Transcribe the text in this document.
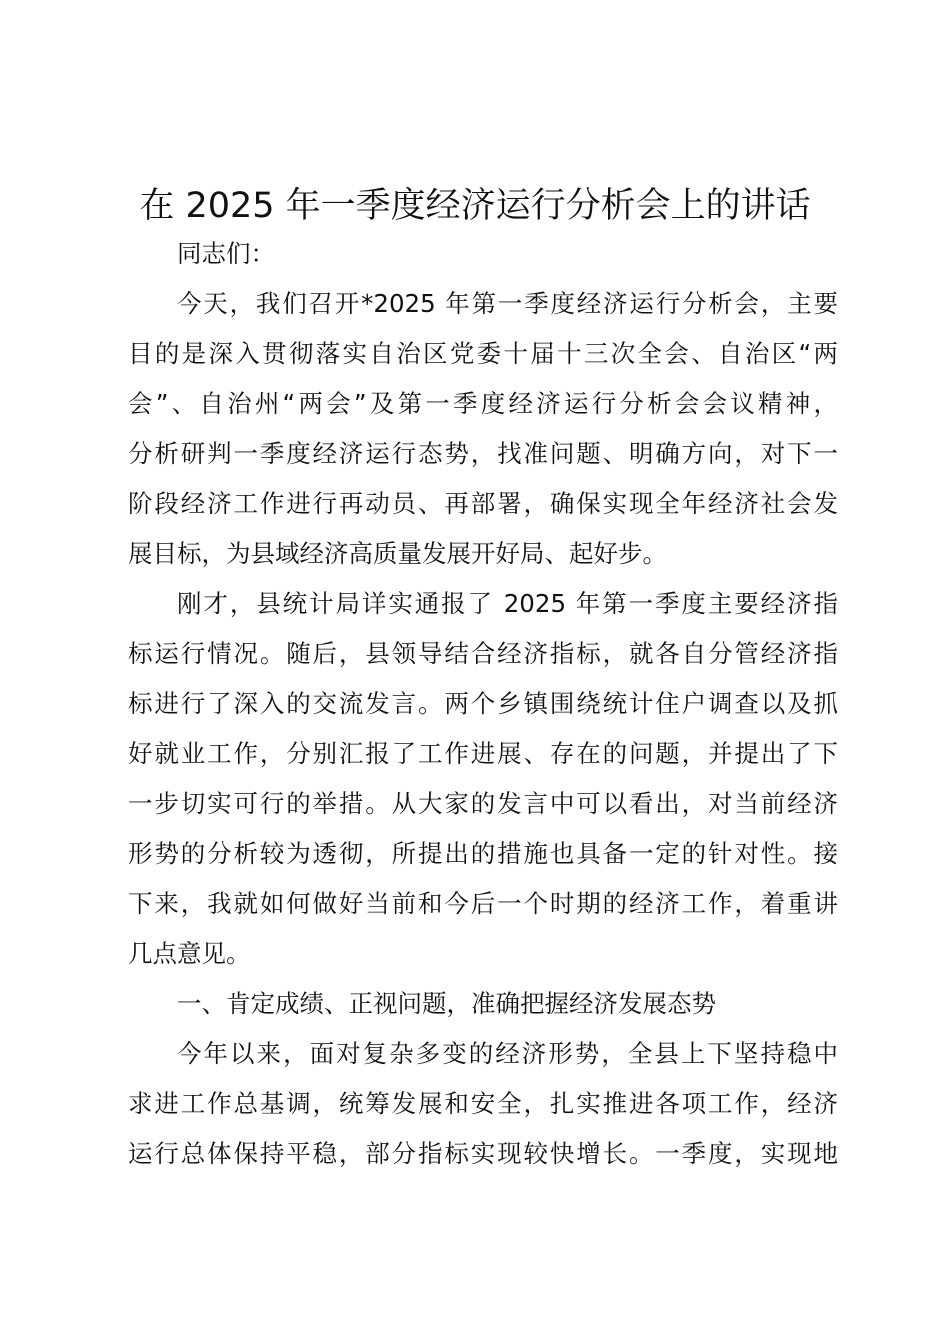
在 2025 年一季度经济运行分析会上的讲话
同志们：
今天，我们召开*2025 年第一季度经济运行分析会，主要
目的是深入贯彻落实自治区党委十届十三次全会、自治区“两
会”、自治州“两会”及第一季度经济运行分析会会议精神，
分析研判一季度经济运行态势，找准问题、明确方向，对下一
阶段经济工作进行再动员、再部署，确保实现全年经济社会发
展目标，为县域经济高质量发展开好局、起好步。
刚才，县统计局详实通报了 2025 年第一季度主要经济指
标运行情况。随后，县领导结合经济指标，就各自分管经济指
标进行了深入的交流发言。两个乡镇围绕统计住户调查以及抓
好就业工作，分别汇报了工作进展、存在的问题，并提出了下
一步切实可行的举措。从大家的发言中可以看出，对当前经济
形势的分析较为透彻，所提出的措施也具备一定的针对性。接
下来，我就如何做好当前和今后一个时期的经济工作，着重讲
几点意见。
一、肯定成绩、正视问题，准确把握经济发展态势
今年以来，面对复杂多变的经济形势，全县上下坚持稳中
求进工作总基调，统筹发展和安全，扎实推进各项工作，经济
运行总体保持平稳，部分指标实现较快增长。一季度，实现地
